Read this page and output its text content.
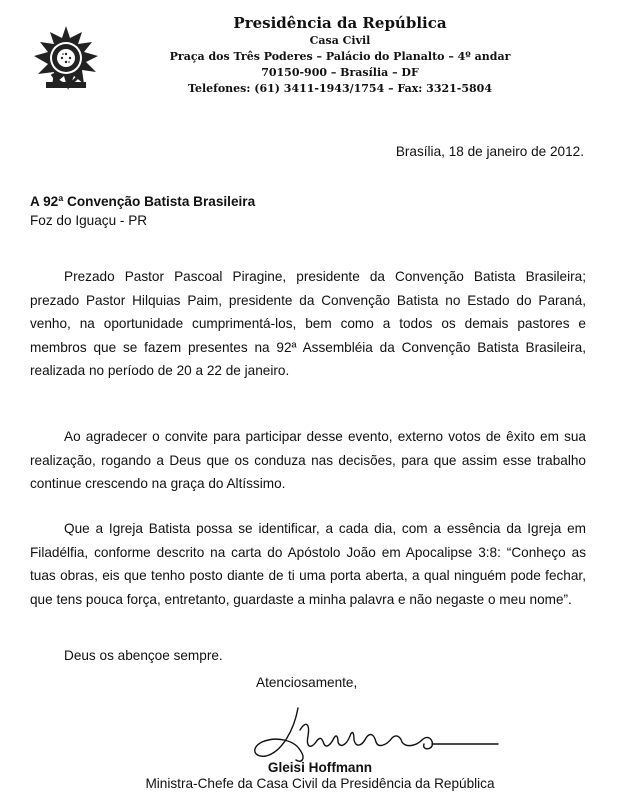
Presidência da República
Casa Civil
Praça dos Três Poderes – Palácio do Planalto – 4º andar
70150-900 – Brasília – DF
Telefones: (61) 3411-1943/1754 – Fax: 3321-5804
Brasília, 18 de janeiro de 2012.
A 92ª Convenção Batista Brasileira
Foz do Iguaçu - PR

Prezado Pastor Pascoal Piragine, presidente da Convenção Batista Brasileira; prezado Pastor Hilquias Paim, presidente da Convenção Batista no Estado do Paraná, venho, na oportunidade cumprimentá-los, bem como a todos os demais pastores e membros que se fazem presentes na 92ª Assembléia da Convenção Batista Brasileira, realizada no período de 20 a 22 de janeiro.

Ao agradecer o convite para participar desse evento, externo votos de êxito em sua realização, rogando a Deus que os conduza nas decisões, para que assim esse trabalho continue crescendo na graça do Altíssimo.

Que a Igreja Batista possa se identificar, a cada dia, com a essência da Igreja em Filadélfia, conforme descrito na carta do Apóstolo João em Apocalipse 3:8: “Conheço as tuas obras, eis que tenho posto diante de ti uma porta aberta, a qual ninguém pode fechar, que tens pouca força, entretanto, guardaste a minha palavra e não negaste o meu nome”.

Deus os abençoe sempre.
Atenciosamente,
Gleisi Hoffmann
Ministra-Chefe da Casa Civil da Presidência da República
